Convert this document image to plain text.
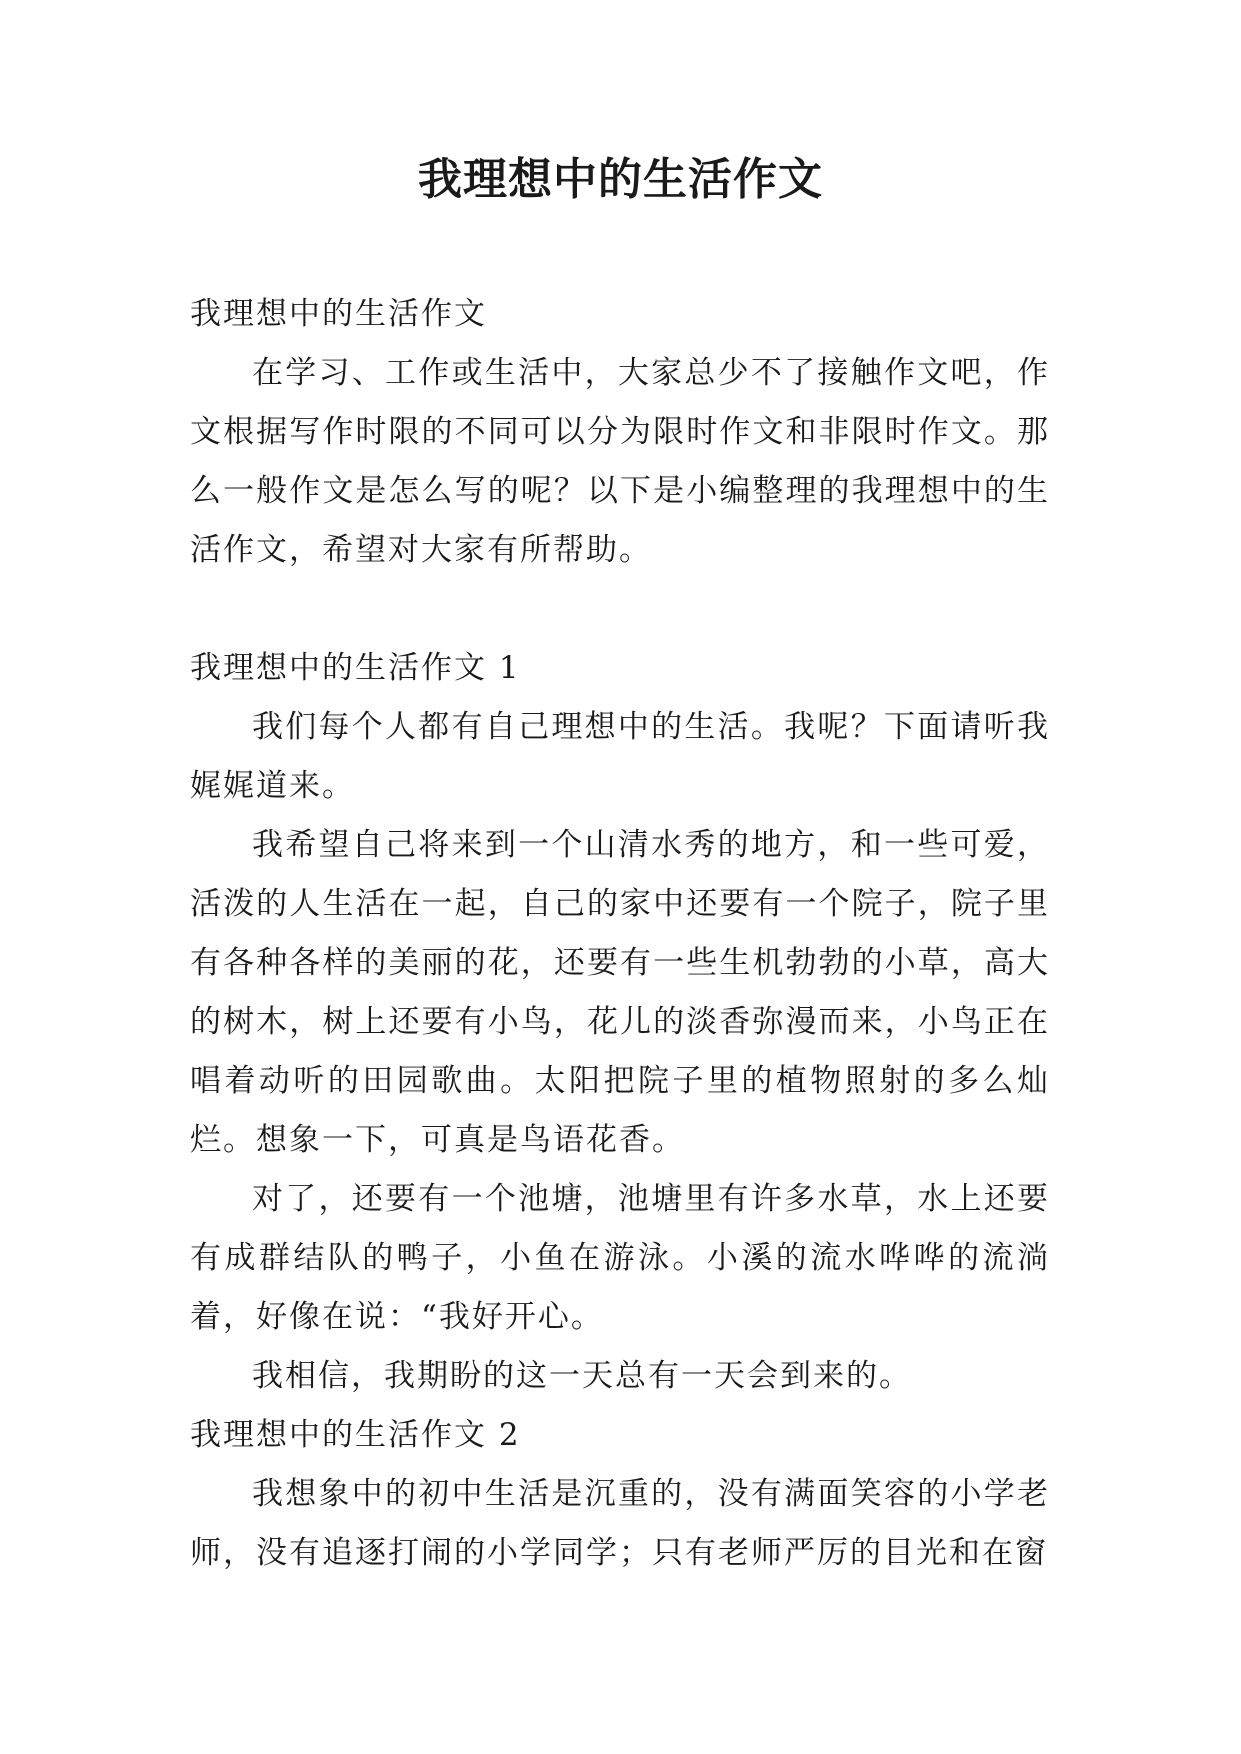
我理想中的生活作文

我理想中的生活作文

在学习、工作或生活中，大家总少不了接触作文吧，作文根据写作时限的不同可以分为限时作文和非限时作文。那么一般作文是怎么写的呢？以下是小编整理的我理想中的生活作文，希望对大家有所帮助。

我理想中的生活作文 1

我们每个人都有自己理想中的生活。我呢？下面请听我娓娓道来。

我希望自己将来到一个山清水秀的地方，和一些可爱，活泼的人生活在一起，自己的家中还要有一个院子，院子里有各种各样的美丽的花，还要有一些生机勃勃的小草，高大的树木，树上还要有小鸟，花儿的淡香弥漫而来，小鸟正在唱着动听的田园歌曲。太阳把院子里的植物照射的多么灿烂。想象一下，可真是鸟语花香。

对了，还要有一个池塘，池塘里有许多水草，水上还要有成群结队的鸭子，小鱼在游泳。小溪的流水哗哗的流淌着，好像在说：“我好开心。

我相信，我期盼的这一天总有一天会到来的。

我理想中的生活作文 2

我想象中的初中生活是沉重的，没有满面笑容的小学老师，没有追逐打闹的小学同学；只有老师严厉的目光和在窗
